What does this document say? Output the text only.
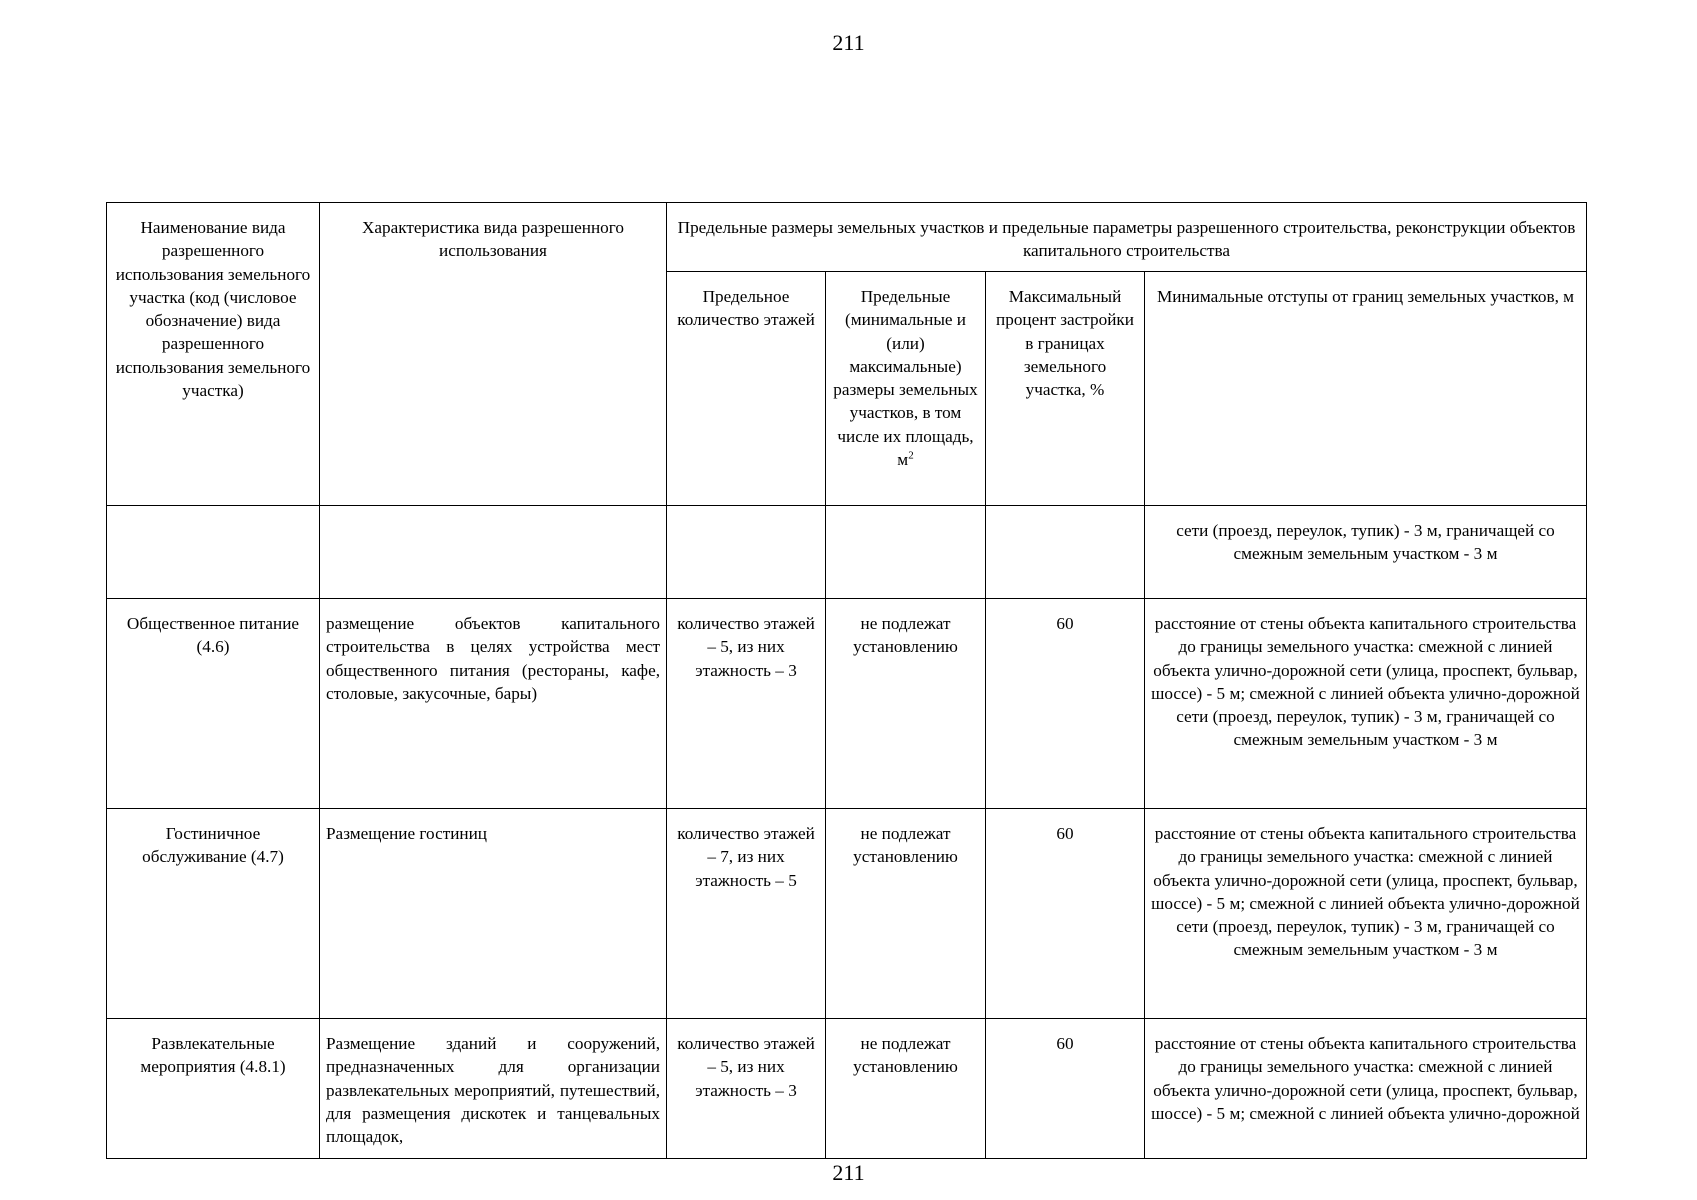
211
Наименование вида разрешенного использования земельного участка (код (числовое обозначение) вида разрешенного использования земельного участка)	Характеристика вида разрешенного использования	Предельные размеры земельных участков и предельные параметры разрешенного строительства, реконструкции объектов капитального строительства			
		Предельное количество этажей	Предельные (минимальные и (или) максимальные) размеры земельных участков, в том числе их площадь, $м^2$	Максимальный процент застройки в границах земельного участка, %	Минимальные отступы от границ земельных участков, м
					сети (проезд, переулок, тупик) - 3 м, граничащей со смежным земельным участком - 3 м
Общественное питание (4.6)	размещение объектов капитального строительства в целях устройства мест общественного питания (рестораны, кафе, столовые, закусочные, бары)	количество этажей – 5, из них этажность – 3	не подлежат установлению	60	расстояние от стены объекта капитального строительства до границы земельного участка: смежной с линией объекта улично-дорожной сети (улица, проспект, бульвар, шоссе) - 5 м; смежной с линией объекта улично-дорожной сети (проезд, переулок, тупик) - 3 м, граничащей со смежным земельным участком - 3 м
Гостиничное обслуживание (4.7)	Размещение гостиниц	количество этажей – 7, из них этажность – 5	не подлежат установлению	60	расстояние от стены объекта капитального строительства до границы земельного участка: смежной с линией объекта улично-дорожной сети (улица, проспект, бульвар, шоссе) - 5 м; смежной с линией объекта улично-дорожной сети (проезд, переулок, тупик) - 3 м, граничащей со смежным земельным участком - 3 м
Развлекательные мероприятия (4.8.1)	Размещение зданий и сооружений, предназначенных для организации развлекательных мероприятий, путешествий, для размещения дискотек и танцевальных площадок,	количество этажей – 5, из них этажность – 3	не подлежат установлению	60	расстояние от стены объекта капитального строительства до границы земельного участка: смежной с линией объекта улично-дорожной сети (улица, проспект, бульвар, шоссе) - 5 м; смежной с линией объекта улично-дорожной
211
